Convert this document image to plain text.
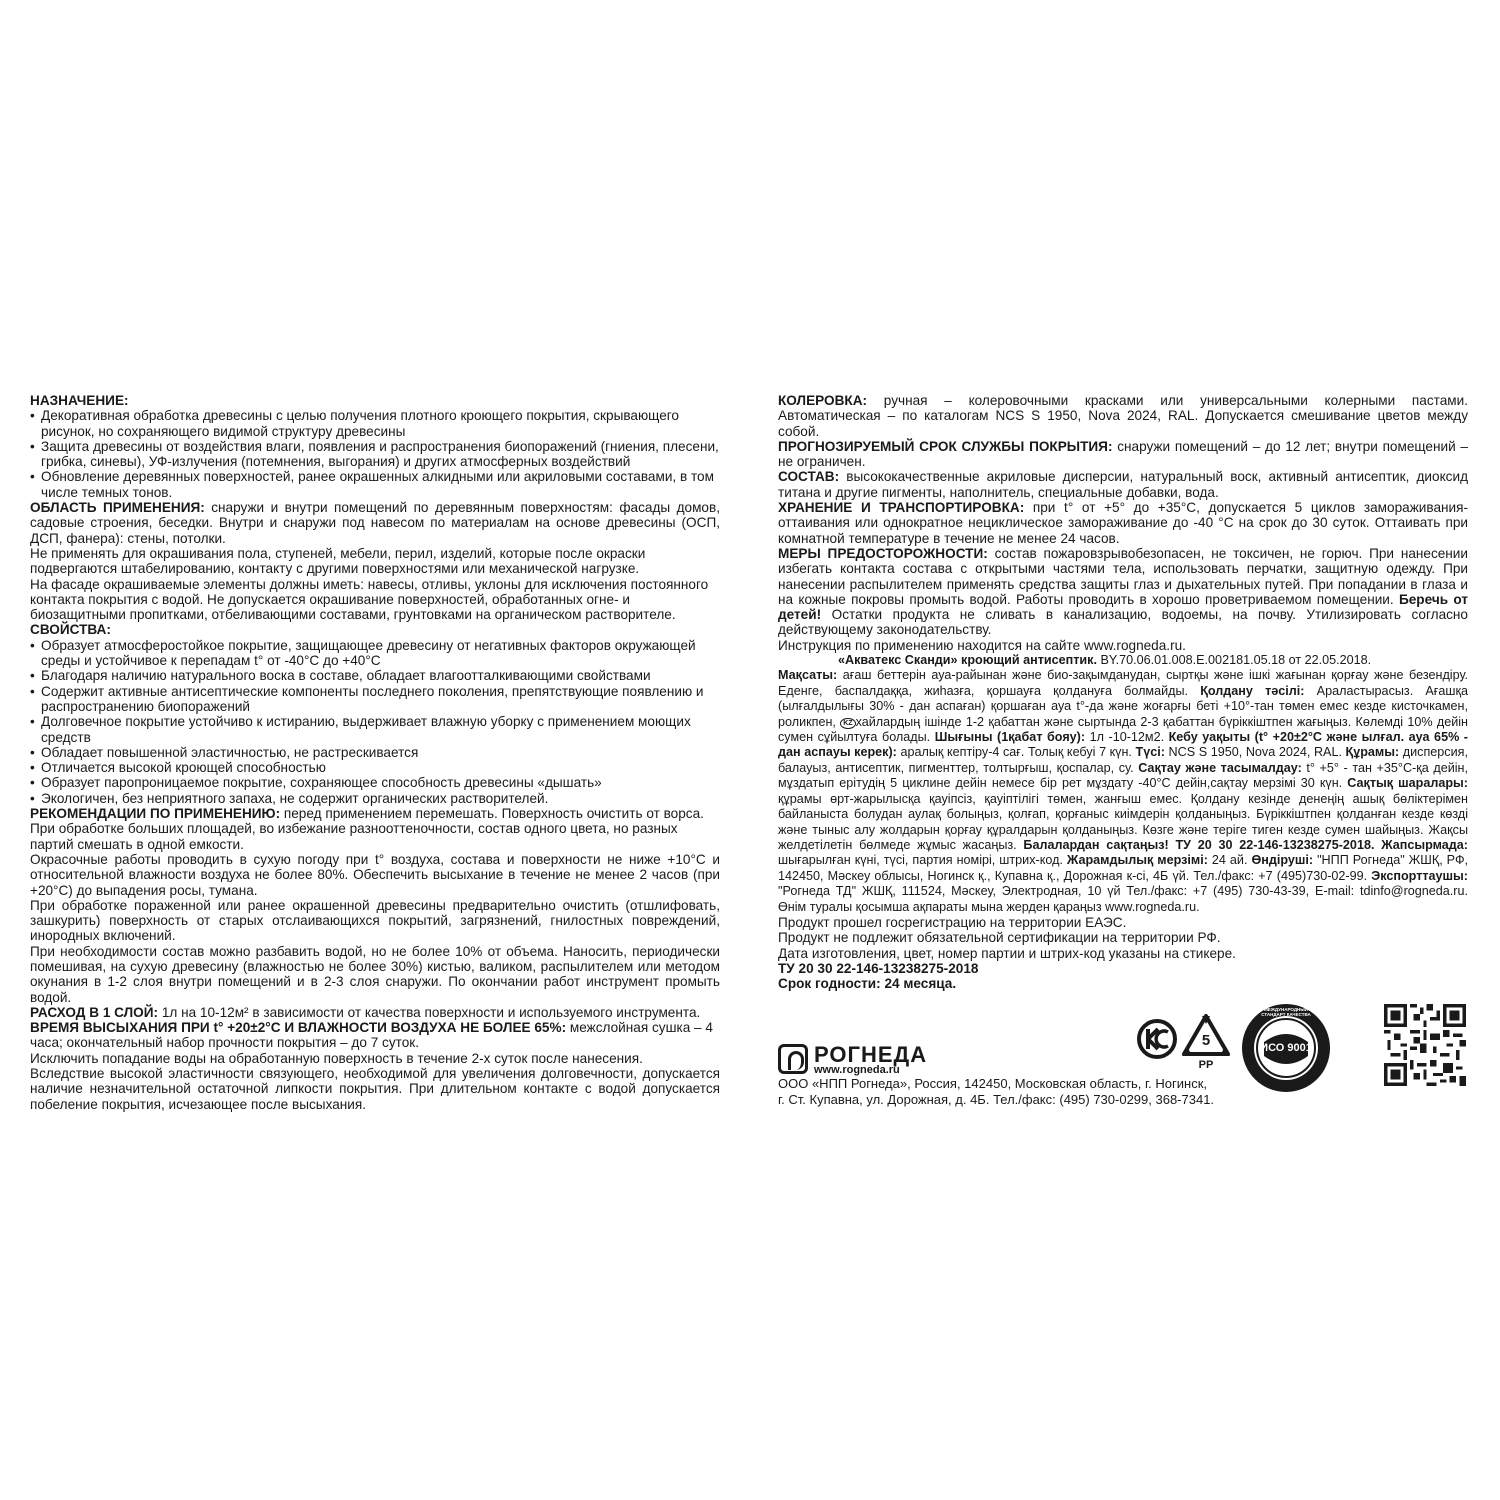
НАЗНАЧЕНИЕ:

• Декоративная обработка древесины с целью получения плотного кроющего покрытия, скрывающего рисунок, но сохраняющего видимой структуру древесины

• Защита древесины от воздействия влаги, появления и распространения биопоражений (гниения, плесени, грибка, синевы), УФ-излучения (потемнения, выгорания) и других атмосферных воздействий

• Обновление деревянных поверхностей, ранее окрашенных алкидными или акриловыми составами, в том числе темных тонов.

ОБЛАСТЬ ПРИМЕНЕНИЯ: снаружи и внутри помещений по деревянным поверхностям: фасады домов, садовые строения, беседки. Внутри и снаружи под навесом по материалам на основе древесины (ОСП, ДСП, фанера): стены, потолки.

Не применять для окрашивания пола, ступеней, мебели, перил, изделий, которые после окраски подвергаются штабелированию, контакту с другими поверхностями или механической нагрузке.

На фасаде окрашиваемые элементы должны иметь: навесы, отливы, уклоны для исключения постоянного контакта покрытия с водой. Не допускается окрашивание поверхностей, обработанных огне- и биозащитными пропитками, отбеливающими составами, грунтовками на органическом растворителе.

СВОЙСТВА:

• Образует атмосферостойкое покрытие, защищающее древесину от негативных факторов окружающей среды и устойчивое к перепадам t° от -40°С до +40°С

• Благодаря наличию натурального воска в составе, обладает влагоотталкивающими свойствами

• Содержит активные антисептические компоненты последнего поколения, препятствующие появлению и распространению биопоражений

• Долговечное покрытие устойчиво к истиранию, выдерживает влажную уборку с применением моющих средств

• Обладает повышенной эластичностью, не растрескивается

• Отличается высокой кроющей способностью

• Образует паропроницаемое покрытие, сохраняющее способность древесины «дышать»

• Экологичен, без неприятного запаха, не содержит органических растворителей.

РЕКОМЕНДАЦИИ ПО ПРИМЕНЕНИЮ: перед применением перемешать. Поверхность очистить от ворса.

При обработке больших площадей, во избежание разнооттеночности, состав одного цвета, но разных партий смешать в одной емкости.

Окрасочные работы проводить в сухую погоду при t° воздуха, состава и поверхности не ниже +10°С и относительной влажности воздуха не более 80%. Обеспечить высыхание в течение не менее 2 часов (при +20°С) до выпадения росы, тумана.

При обработке пораженной или ранее окрашенной древесины предварительно очистить (отшлифовать, зашкурить) поверхность от старых отслаивающихся покрытий, загрязнений, гнилостных повреждений, инородных включений.

При необходимости состав можно разбавить водой, но не более 10% от объема. Наносить, периодически помешивая, на сухую древесину (влажностью не более 30%) кистью, валиком, распылителем или методом окунания в 1-2 слоя внутри помещений и в 2-3 слоя снаружи. По окончании работ инструмент промыть водой.

РАСХОД В 1 СЛОЙ: 1л на 10-12м² в зависимости от качества поверхности и используемого инструмента.

ВРЕМЯ ВЫСЫХАНИЯ ПРИ t° +20±2°С И ВЛАЖНОСТИ ВОЗДУХА НЕ БОЛЕЕ 65%: межслойная сушка – 4 часа; окончательный набор прочности покрытия – до 7 суток.

Исключить попадание воды на обработанную поверхность в течение 2-х суток после нанесения.

Вследствие высокой эластичности связующего, необходимой для увеличения долговечности, допускается наличие незначительной остаточной липкости покрытия. При длительном контакте с водой допускается побеление покрытия, исчезающее после высыхания.

КОЛЕРОВКА: ручная – колеровочными красками или универсальными колерными пастами. Автоматическая – по каталогам NCS S 1950, Nova 2024, RAL. Допускается смешивание цветов между собой.

ПРОГНОЗИРУЕМЫЙ СРОК СЛУЖБЫ ПОКРЫТИЯ: снаружи помещений – до 12 лет; внутри помещений – не ограничен.

СОСТАВ: высококачественные акриловые дисперсии, натуральный воск, активный антисептик, диоксид титана и другие пигменты, наполнитель, специальные добавки, вода.

ХРАНЕНИЕ И ТРАНСПОРТИРОВКА: при t° от +5° до +35°С, допускается 5 циклов замораживания-оттаивания или однократное нециклическое замораживание до -40 °С на срок до 30 суток. Оттаивать при комнатной температуре в течение не менее 24 часов.

МЕРЫ ПРЕДОСТОРОЖНОСТИ: состав пожаровзрывобезопасен, не токсичен, не горюч. При нанесении избегать контакта состава с открытыми частями тела, использовать перчатки, защитную одежду. При нанесении распылителем применять средства защиты глаз и дыхательных путей. При попадании в глаза и на кожные покровы промыть водой. Работы проводить в хорошо проветриваемом помещении. Беречь от детей! Остатки продукта не сливать в канализацию, водоемы, на почву. Утилизировать согласно действующему законодательству.

Инструкция по применению находится на сайте www.rogneda.ru.

«Акватекс Сканди» кроющий антисептик. BY.70.06.01.008.Е.002181.05.18 от 22.05.2018.

Мақсаты: ағаш беттерін ауа-райынан және био-зақымданудан, сыртқы және ішкі жағынан қорғау және безендіру. Еденге, баспалдаққа, жиhазға, қоршауға қолдануға болмайды. Қолдану тәсілі: Араластырасыз. Ағашқа (ылғалдылығы 30% - дан аспаған) қоршаған ауа t°-да және жоғарғы беті +10°-тан төмен емес кезде кисточкамен, роликпен, KZ хайлардың ішінде 1-2 қабаттан және сыртында 2-3 қабаттан бүріккіштпен жағыңыз. Көлемді 10% дейін сумен сұйылтуға болады. Шығыны (1қабат бояу): 1л -10-12м2. Кебу уақыты (t° +20±2°С және ылғал. ауа 65% - дан аспауы керек): аралық кептіру-4 сағ. Толық кебуі 7 күн. Түсі: NCS S 1950, Nova 2024, RAL. Құрамы: дисперсия, балауыз, антисептик, пигменттер, толтырғыш, қоспалар, су. Сақтау және тасымалдау: t° +5° - тан +35°С-қа дейін, мұздатып ерітудің 5 циклине дейін немесе бір рет мұздату -40°С дейін,сақтау мерзімі 30 күн. Сақтық шаралары: құрамы өрт-жарылысқа қауіпсіз, қауіптілігі төмен, жанғыш емес. Қолдану кезінде денеңің ашық бөліктерімен байланыста болудан аулақ болыңыз, қолғап, қорғаныс киімдерін қолданыңыз. Бүріккіштпен қолданған кезде көзді және тыныс алу жолдарын қорғау құралдарын қолданыңыз. Көзге және теріге тиген кезде сумен шайыңыз. Жақсы желдетілетін бөлмеде жұмыс жасаңыз. Балалардан сақтаңыз! ТУ 20 30 22-146-13238275-2018. Жапсырмада: шығарылған күні, түсі, партия номірі, штрих-код. Жарамдылық мерзімі: 24 ай. Өндіруші: "НПП Рогнеда" ЖШҚ, РФ, 142450, Мәскеу облысы, Ногинск қ., Купавна қ., Дорожная к-сі, 4Б үй. Тел./факс: +7 (495)730-02-99. Экспорттаушы: "Рогнеда ТД" ЖШҚ, 111524, Мәскеу, Электродная, 10 үй Тел./факс: +7 (495) 730-43-39, E-mail: tdinfo@rogneda.ru. Өнім туралы қосымша ақпараты мына жерден қараңыз www.rogneda.ru.

Продукт прошел госрегистрацию на территории ЕАЭС.

Продукт не подлежит обязательной сертификации на территории РФ.

Дата изготовления, цвет, номер партии и штрих-код указаны на стикере.

ТУ 20 30 22-146-13238275-2018

Срок годности: 24 месяца.

РОГНЕДА
www.rogneda.ru
ООО «НПП Рогнеда», Россия, 142450, Московская область, г. Ногинск,
г. Ст. Купавна, ул. Дорожная, д. 4Б. Тел./факс: (495) 730-0299, 368-7341.
5
PP
МЕЖДУНАРОДНЫЙ СТАНДАРТ КАЧЕСТВА
ИСО 9001
